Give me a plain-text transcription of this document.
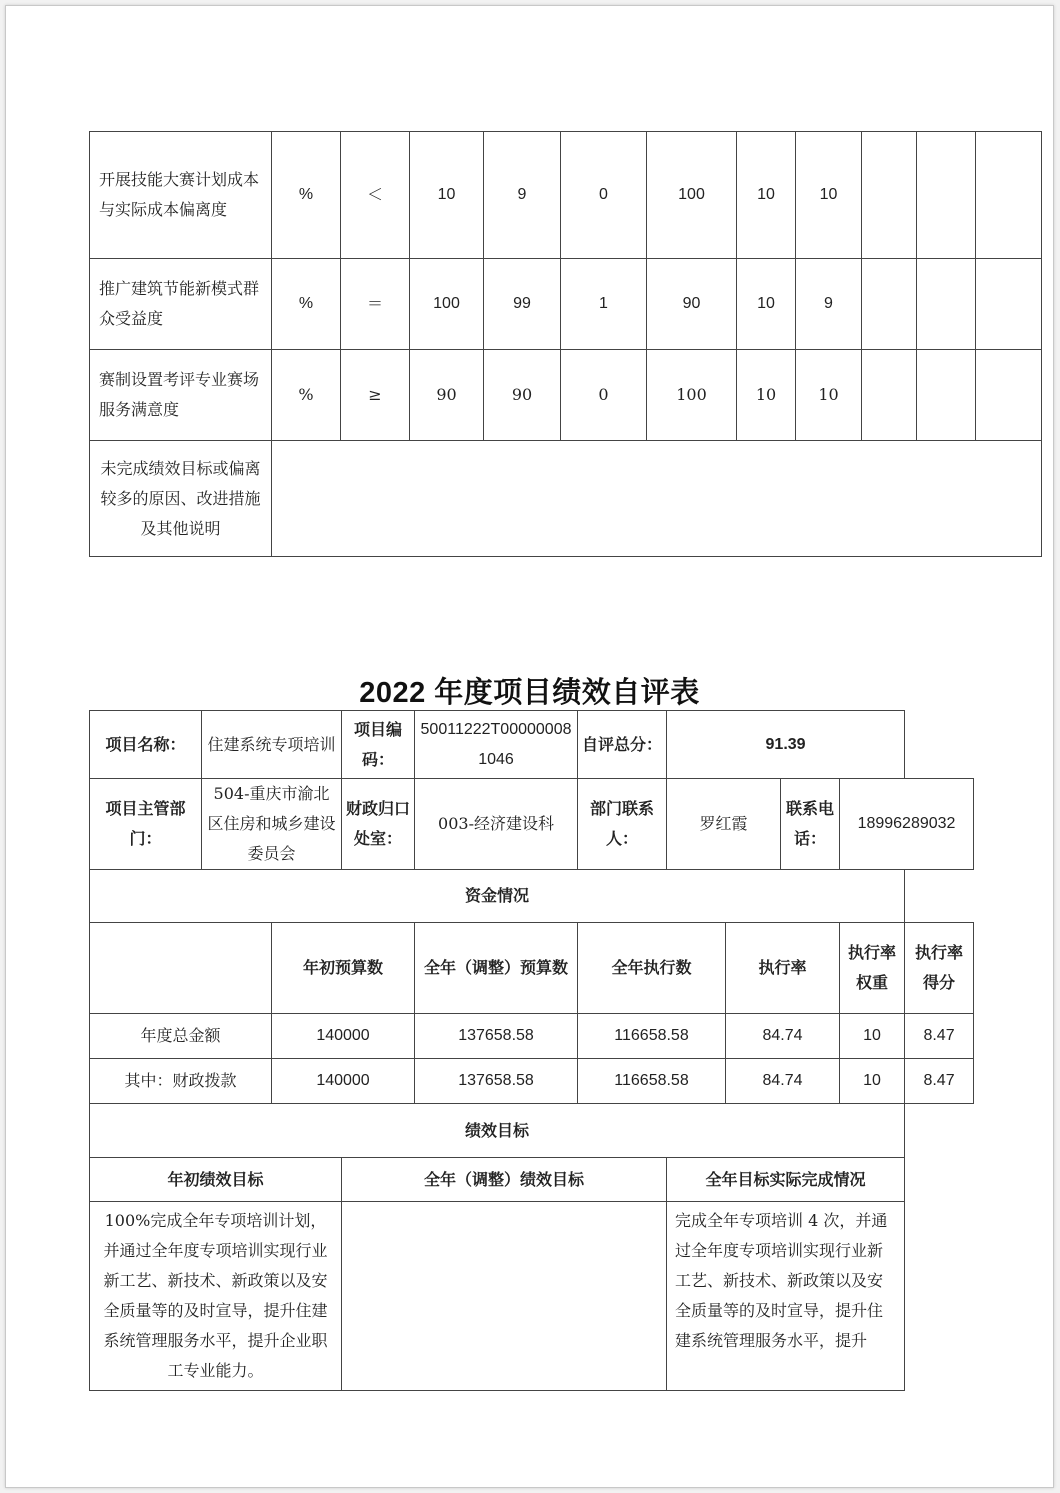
开展技能大赛计划成本与实际成本偏离度	%	＜	10	9	0	100	10	10			
推广建筑节能新模式群众受益度	%	＝	100	99	1	90	10	9			
赛制设置考评专业赛场服务满意度	%	≥	90	90	0	100	10	10			
未完成绩效目标或偏离较多的原因、改进措施及其他说明											
2022 年度项目绩效自评表
项目名称：	住建系统专项培训		项目编码：	50011222T000000081046	自评总分：	91.39				
项目主管部门：	504-重庆市渝北区住房和城乡建设委员会		财政归口处室：	003-经济建设科	部门联系人：	罗红霞		联系电话：	18996289032	
资金情况										
		年初预算数		全年（调整）预算数	全年执行数		执行率		执行率权重	执行率得分
年度总金额		140000		137658.58	116658.58		84.74		10	8.47
其中：财政拨款		140000		137658.58	116658.58		84.74		10	8.47
绩效目标										
年初绩效目标			全年（调整）绩效目标			全年目标实际完成情况				
100%完成全年专项培训计划，并通过全年度专项培训实现行业新工艺、新技术、新政策以及安全质量等的及时宣导，提升住建系统管理服务水平，提升企业职工专业能力。						完成全年专项培训 4 次，并通过全年度专项培训实现行业新工艺、新技术、新政策以及安全质量等的及时宣导，提升住建系统管理服务水平，提升				
